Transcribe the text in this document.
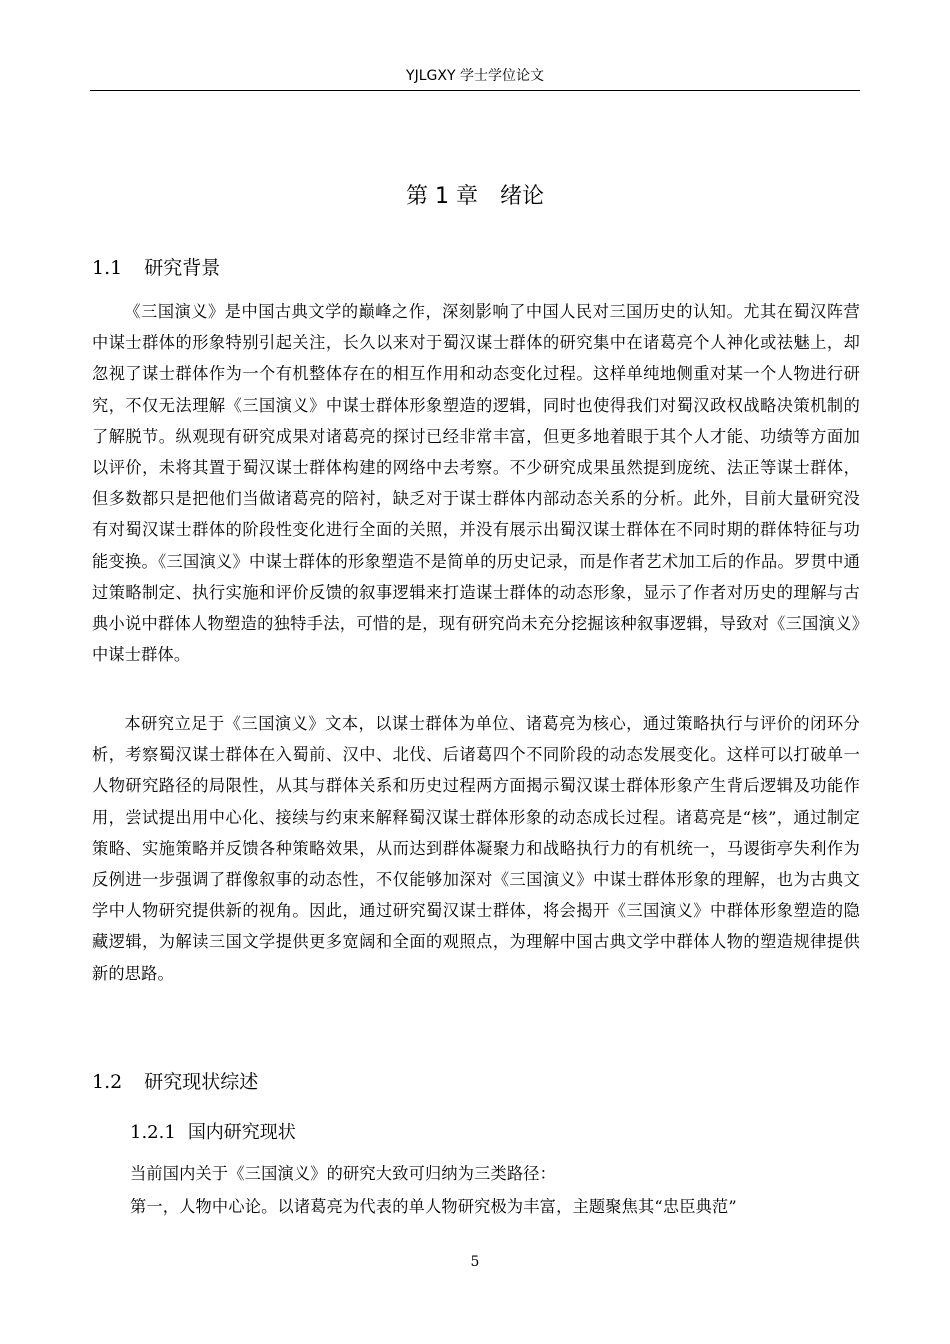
YJLGXY 学士学位论文
第 1 章　绪论
1.1 研究背景

《三国演义》是中国古典文学的巅峰之作，深刻影响了中国人民对三国历史的认知。尤其在蜀汉阵营中谋士群体的形象特别引起关注，长久以来对于蜀汉谋士群体的研究集中在诸葛亮个人神化或祛魅上，却忽视了谋士群体作为一个有机整体存在的相互作用和动态变化过程。这样单纯地侧重对某一个人物进行研究，不仅无法理解《三国演义》中谋士群体形象塑造的逻辑，同时也使得我们对蜀汉政权战略决策机制的了解脱节。纵观现有研究成果对诸葛亮的探讨已经非常丰富，但更多地着眼于其个人才能、功绩等方面加以评价，未将其置于蜀汉谋士群体构建的网络中去考察。不少研究成果虽然提到庞统、法正等谋士群体，但多数都只是把他们当做诸葛亮的陪衬，缺乏对于谋士群体内部动态关系的分析。此外，目前大量研究没有对蜀汉谋士群体的阶段性变化进行全面的关照，并没有展示出蜀汉谋士群体在不同时期的群体特征与功能变换。《三国演义》中谋士群体的形象塑造不是简单的历史记录，而是作者艺术加工后的作品。罗贯中通过策略制定、执行实施和评价反馈的叙事逻辑来打造谋士群体的动态形象，显示了作者对历史的理解与古典小说中群体人物塑造的独特手法，可惜的是，现有研究尚未充分挖掘该种叙事逻辑，导致对《三国演义》中谋士群体。

本研究立足于《三国演义》文本，以谋士群体为单位、诸葛亮为核心，通过策略执行与评价的闭环分析，考察蜀汉谋士群体在入蜀前、汉中、北伐、后诸葛四个不同阶段的动态发展变化。这样可以打破单一人物研究路径的局限性，从其与群体关系和历史过程两方面揭示蜀汉谋士群体形象产生背后逻辑及功能作用，尝试提出用中心化、接续与约束来解释蜀汉谋士群体形象的动态成长过程。诸葛亮是“核”，通过制定策略、实施策略并反馈各种策略效果，从而达到群体凝聚力和战略执行力的有机统一，马谡街亭失利作为反例进一步强调了群像叙事的动态性，不仅能够加深对《三国演义》中谋士群体形象的理解，也为古典文学中人物研究提供新的视角。因此，通过研究蜀汉谋士群体，将会揭开《三国演义》中群体形象塑造的隐藏逻辑，为解读三国文学提供更多宽阔和全面的观照点，为理解中国古典文学中群体人物的塑造规律提供新的思路。

1.2 研究现状综述
1.2.1 国内研究现状

当前国内关于《三国演义》的研究大致可归纳为三类路径：

第一，人物中心论。以诸葛亮为代表的单人物研究极为丰富，主题聚焦其“忠臣典范”

5
